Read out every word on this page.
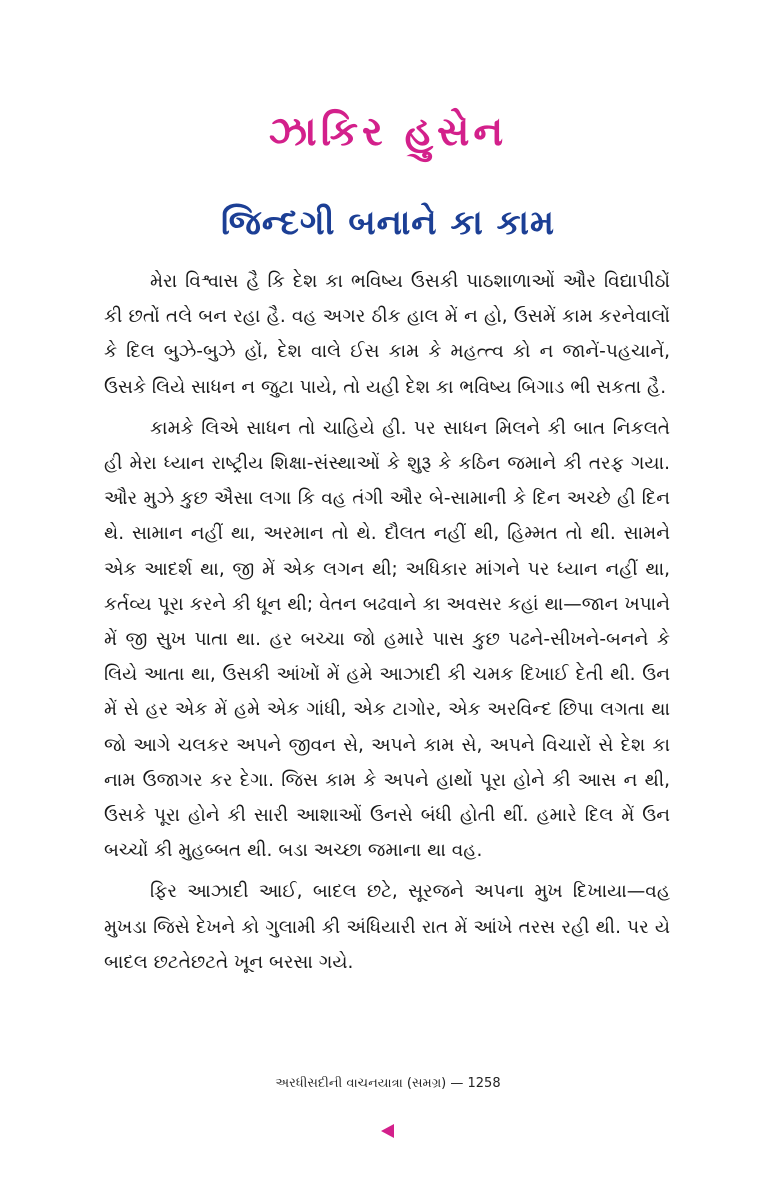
ઝાકિર હુસેન
જિન્દગી બનાને કા કામ

મેરા વિશ્વાસ હૈ કિ દેશ કા ભવિષ્ય ઉસકી પાઠશાળાઓં ઔર વિદ્યાપીઠોં કી છતોં તલે બન રહા હૈ. વહ અગર ઠીક હાલ મેં ન હો, ઉસમેં કામ કરનેવાલોં કે દિલ બુઝે-બુઝે હોં, દેશ વાલે ઈસ કામ કે મહત્ત્વ કો ન જાનેં-પહચાનેં, ઉસકે લિયે સાધન ન જુટા પાયે, તો યહી દેશ કા ભવિષ્ય બિગાડ ભી સકતા હૈ.

કામકે લિએ સાધન તો ચાહિયે હી. પર સાધન મિલને કી બાત નિકલતે હી મેરા ધ્યાન રાષ્ટ્રીય શિક્ષા-સંસ્થાઓં કે શુરૂ કે કઠિન જમાને કી તરફ ગયા. ઔર મુઝે કુછ ઐસા લગા કિ વહ તંગી ઔર બે-સામાની કે દિન અચ્છે હી દિન થે. સામાન નહીં થા, અરમાન તો થે. દૌલત નહીં થી, હિમ્મત તો થી. સામને એક આદર્શ થા, જી મેં એક લગન થી; અધિકાર માંગને પર ધ્યાન નહીં થા, કર્તવ્ય પૂરા કરને કી ધૂન થી; વેતન બઢવાને કા અવસર કહાં થા—જાન ખપાને મેં જી સુખ પાતા થા. હર બચ્ચા જો હમારે પાસ કુછ પઢને-સીખને-બનને કે લિયે આતા થા, ઉસકી આંખોં મેં હમે આઝાદી કી ચમક દિખાઈ દેતી થી. ઉન મેં સે હર એક મેં હમે એક ગાંધી, એક ટાગોર, એક અરવિન્દ છિપા લગતા થા જો આગે ચલકર અપને જીવન સે, અપને કામ સે, અપને વિચારોં સે દેશ કા નામ ઉજાગર કર દેગા. જિસ કામ કે અપને હાથોં પૂરા હોને કી આસ ન થી, ઉસકે પૂરા હોને કી સારી આશાઓં ઉનસે બંધી હોતી થીં. હમારે દિલ મેં ઉન બચ્ચોં કી મુહબ્બત થી. બડા અચ્છા જમાના થા વહ.

ફિર આઝાદી આઈ, બાદલ છટે, સૂરજને અપના મુખ દિખાયા—વહ મુખડા જિસે દેખને કો ગુલામી કી અંધિયારી રાત મેં આંખે તરસ રહી થી. પર યે બાદલ છટતેછટતે ખૂન બરસા ગયે.

અરધીસદીની વાચનયાત્રા (સમગ્ર) — 1258
